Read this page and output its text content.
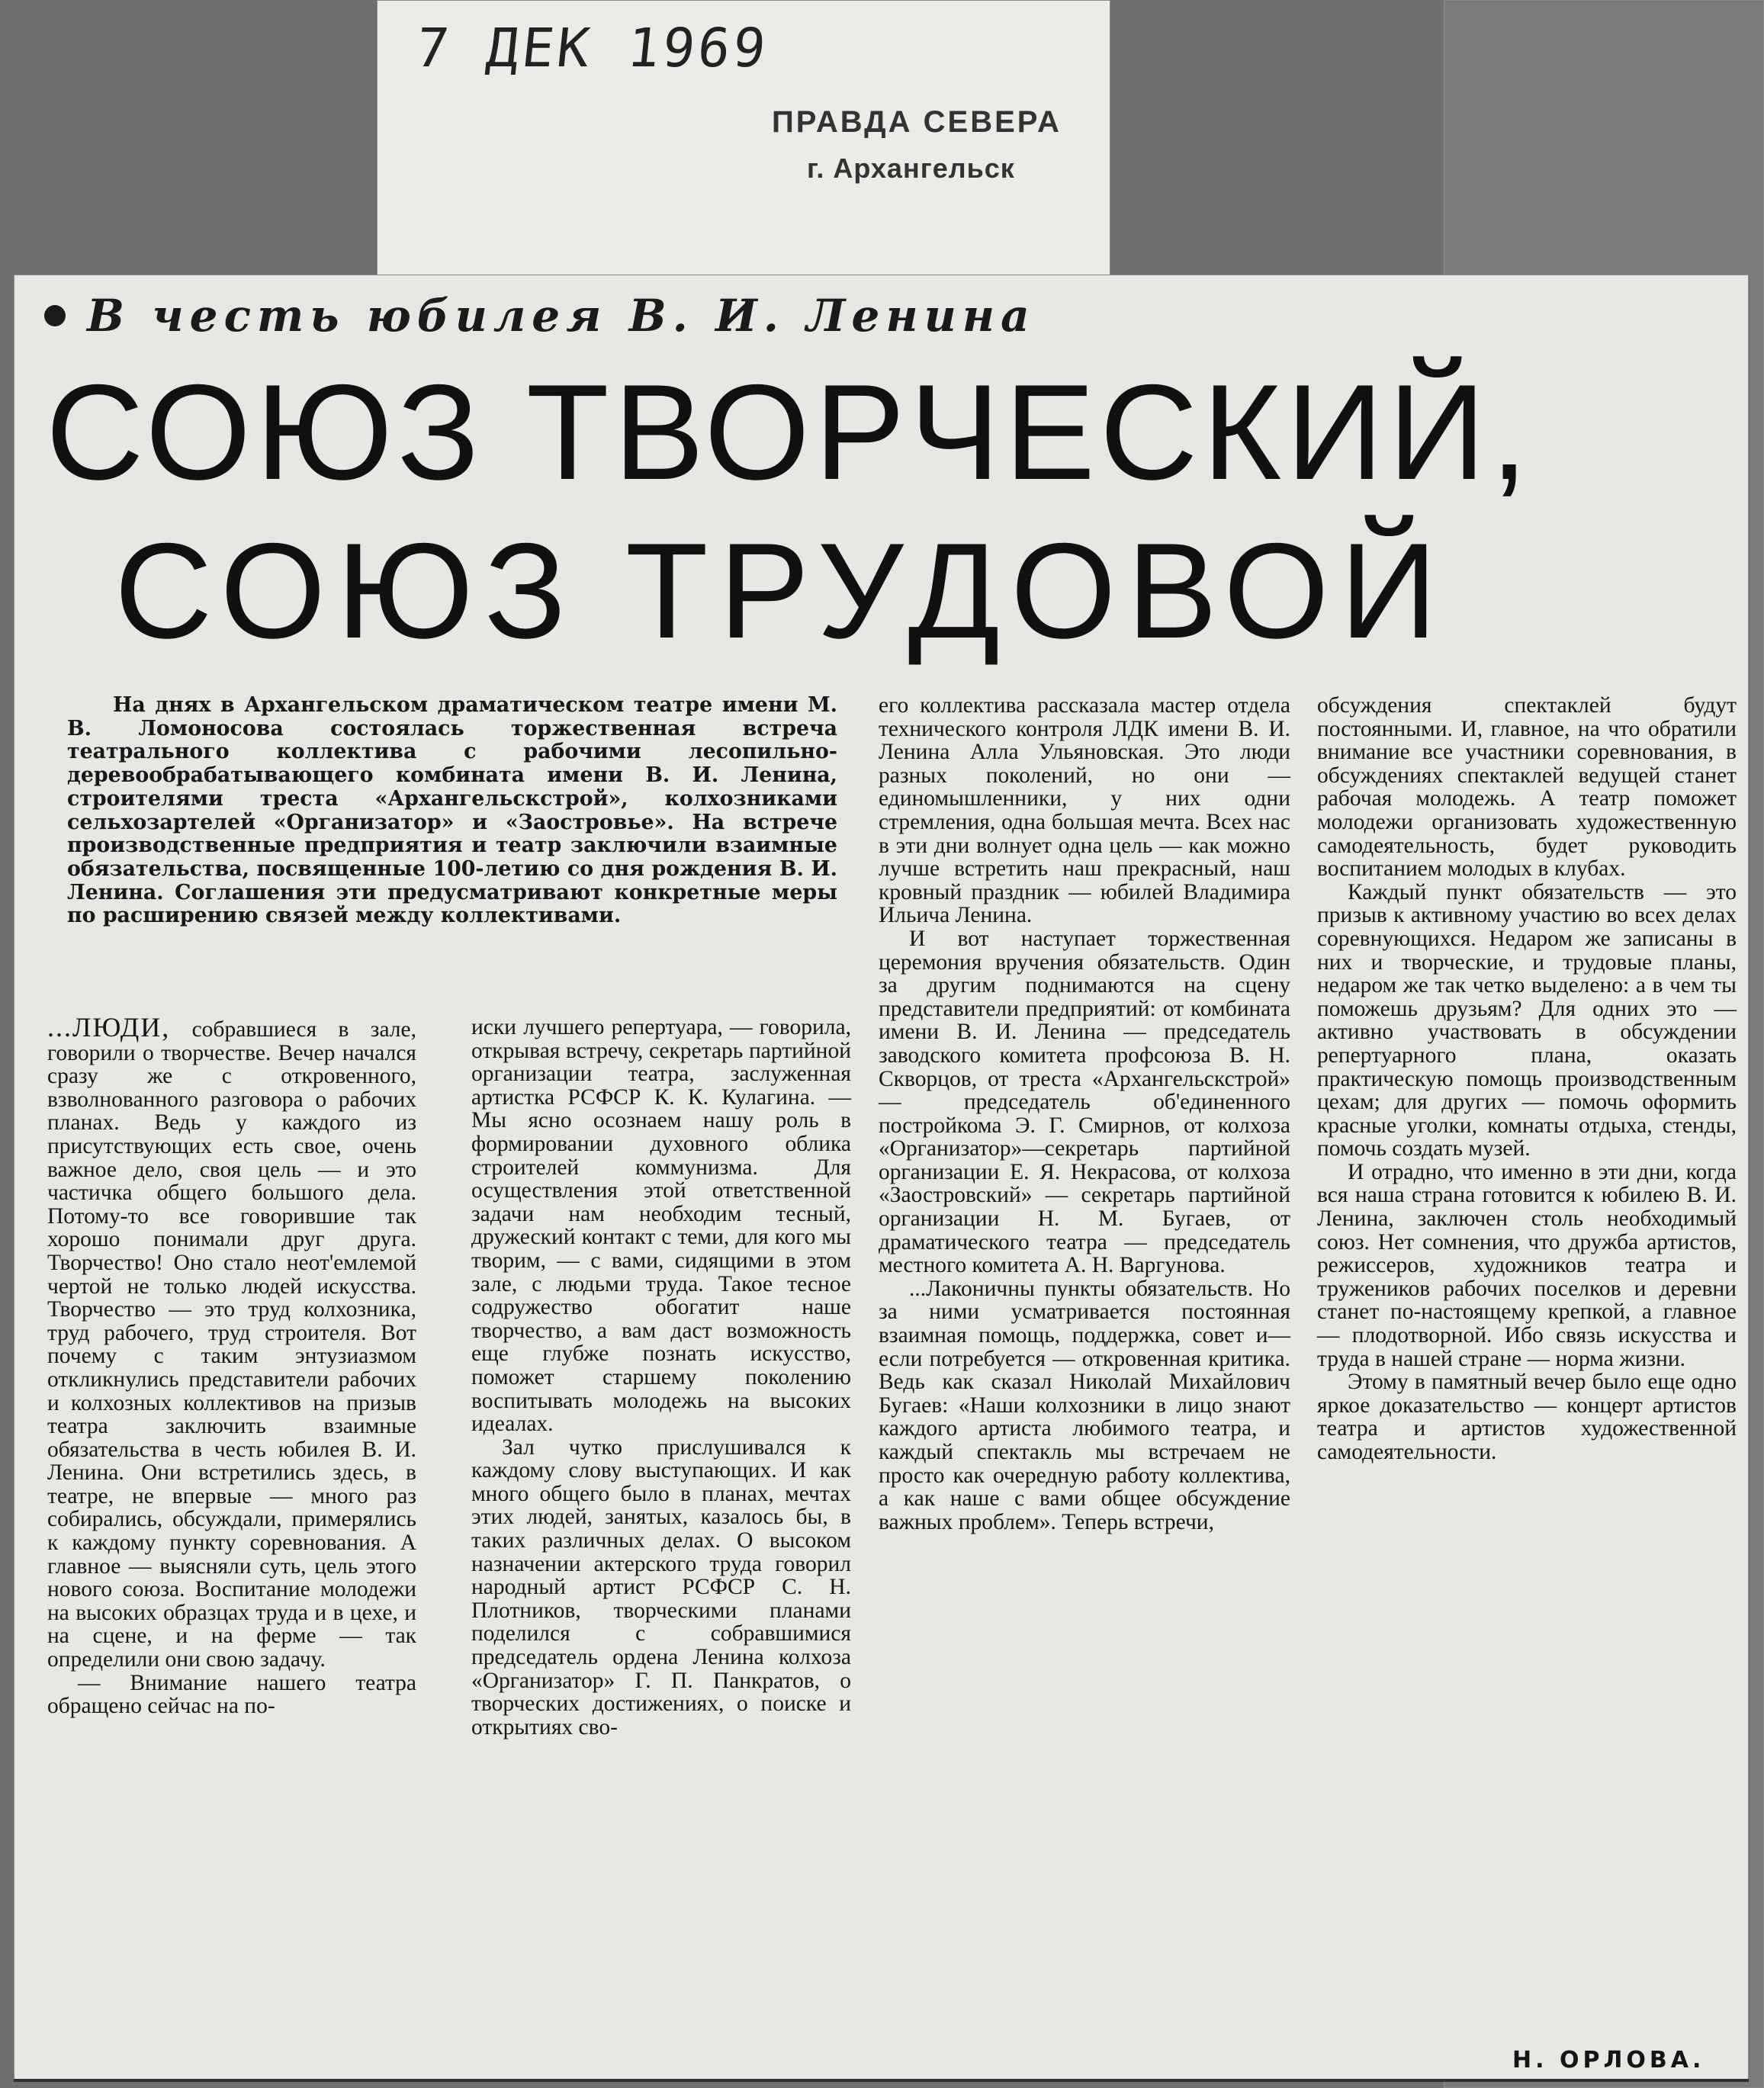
7 ДЕК 1969
ПРАВДА СЕВЕРА
г. Архангельск
В честь юбилея В. И. Ленина
СОЮЗ ТВОРЧЕСКИЙ,
СОЮЗ ТРУДОВОЙ
На днях в Архангельском драматическом театре имени М. В. Ломоносова состоялась торжественная встреча театрального коллектива с рабочими лесопильно-деревообрабатывающего комбината имени В. И. Ленина, строителями треста «Архангельскстрой», колхозниками сельхозартелей «Организатор» и «Заостровье». На встрече производственные предприятия и театр заключили взаимные обязательства, посвященные 100-летию со дня рождения В. И. Ленина. Соглашения эти предусматривают конкретные меры по расширению связей между коллективами.

...ЛЮДИ, собравшиеся в зале, говорили о творчестве. Вечер начался сразу же с откровенного, взволнованного разговора о рабочих планах. Ведь у каждого из присутствующих есть свое, очень важное дело, своя цель — и это частичка общего большого дела. Потому-то все говорившие так хорошо понимали друг друга. Творчество! Оно стало неот'емлемой чертой не только людей искусства. Творчество — это труд колхозника, труд рабочего, труд строителя. Вот почему с таким энтузиазмом откликнулись представители рабочих и колхозных коллективов на призыв театра заключить взаимные обязательства в честь юбилея В. И. Ленина. Они встретились здесь, в театре, не впервые — много раз собирались, обсуждали, примерялись к каждому пункту соревнования. А главное — выясняли суть, цель этого нового союза. Воспитание молодежи на высоких образцах труда и в цехе, и на сцене, и на ферме — так определили они свою задачу.

— Внимание нашего театра обращено сейчас на по-

иски лучшего репертуара, — говорила, открывая встречу, секретарь партийной организации театра, заслуженная артистка РСФСР К. К. Кулагина. — Мы ясно осознаем нашу роль в формировании духовного облика строителей коммунизма. Для осуществления этой ответственной задачи нам необходим тесный, дружеский контакт с теми, для кого мы творим, — с вами, сидящими в этом зале, с людьми труда. Такое тесное содружество обогатит наше творчество, а вам даст возможность еще глубже познать искусство, поможет старшему поколению воспитывать молодежь на высоких идеалах.

Зал чутко прислушивался к каждому слову выступающих. И как много общего было в планах, мечтах этих людей, занятых, казалось бы, в таких различных делах. О высоком назначении актерского труда говорил народный артист РСФСР С. Н. Плотников, творческими планами поделился с собравшимися председатель ордена Ленина колхоза «Организатор» Г. П. Панкратов, о творческих достижениях, о поиске и открытиях сво-

его коллектива рассказала мастер отдела технического контроля ЛДК имени В. И. Ленина Алла Ульяновская. Это люди разных поколений, но они — единомышленники, у них одни стремления, одна большая мечта. Всех нас в эти дни волнует одна цель — как можно лучше встретить наш прекрасный, наш кровный праздник — юбилей Владимира Ильича Ленина.

И вот наступает торжественная церемония вручения обязательств. Один за другим поднимаются на сцену представители предприятий: от комбината имени В. И. Ленина — председатель заводского комитета профсоюза В. Н. Скворцов, от треста «Архангельскстрой» — председатель об'единенного постройкома Э. Г. Смирнов, от колхоза «Организатор»—секретарь партийной организации Е. Я. Некрасова, от колхоза «Заостровский» — секретарь партийной организации Н. М. Бугаев, от драматического театра — председатель местного комитета А. Н. Варгунова.

...Лаконичны пункты обязательств. Но за ними усматривается постоянная взаимная помощь, поддержка, совет и—если потребуется — откровенная критика. Ведь как сказал Николай Михайлович Бугаев: «Наши колхозники в лицо знают каждого артиста любимого театра, и каждый спектакль мы встречаем не просто как очередную работу коллектива, а как наше с вами общее обсуждение важных проблем». Теперь встречи,

обсуждения спектаклей будут постоянными. И, главное, на что обратили внимание все участники соревнования, в обсуждениях спектаклей ведущей станет рабочая молодежь. А театр поможет молодежи организовать художественную самодеятельность, будет руководить воспитанием молодых в клубах.

Каждый пункт обязательств — это призыв к активному участию во всех делах соревнующихся. Недаром же записаны в них и творческие, и трудовые планы, недаром же так четко выделено: а в чем ты поможешь друзьям? Для одних это — активно участвовать в обсуждении репертуарного плана, оказать практическую помощь производственным цехам; для других — помочь оформить красные уголки, комнаты отдыха, стенды, помочь создать музей.

И отрадно, что именно в эти дни, когда вся наша страна готовится к юбилею В. И. Ленина, заключен столь необходимый союз. Нет сомнения, что дружба артистов, режиссеров, художников театра и тружеников рабочих поселков и деревни станет по-настоящему крепкой, а главное — плодотворной. Ибо связь искусства и труда в нашей стране — норма жизни.

Этому в памятный вечер было еще одно яркое доказательство — концерт артистов театра и артистов художественной самодеятельности.

Н. ОРЛОВА.
